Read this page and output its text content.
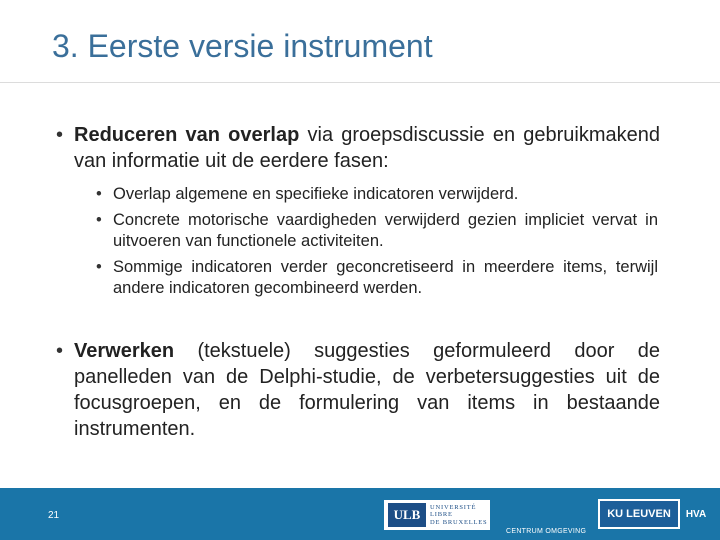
3. Eerste versie instrument
• Reduceren van overlap via groepsdiscussie en gebruikmakend van informatie uit de eerdere fasen:
• Overlap algemene en specifieke indicatoren verwijderd.
• Concrete motorische vaardigheden verwijderd gezien impliciet vervat in uitvoeren van functionele activiteiten.
• Sommige indicatoren verder geconcretiseerd in meerdere items, terwijl andere indicatoren gecombineerd werden.
• Verwerken (tekstuele) suggesties geformuleerd door de panelleden van de Delphi-studie, de verbetersuggesties uit de focusgroepen, en de formulering van items in bestaande instrumenten.
21	ULB	UNIVERSITÉ
LIBRE
DE BRUXELLES
CENTRUM OMGEVING
KU LEUVEN	HVA
